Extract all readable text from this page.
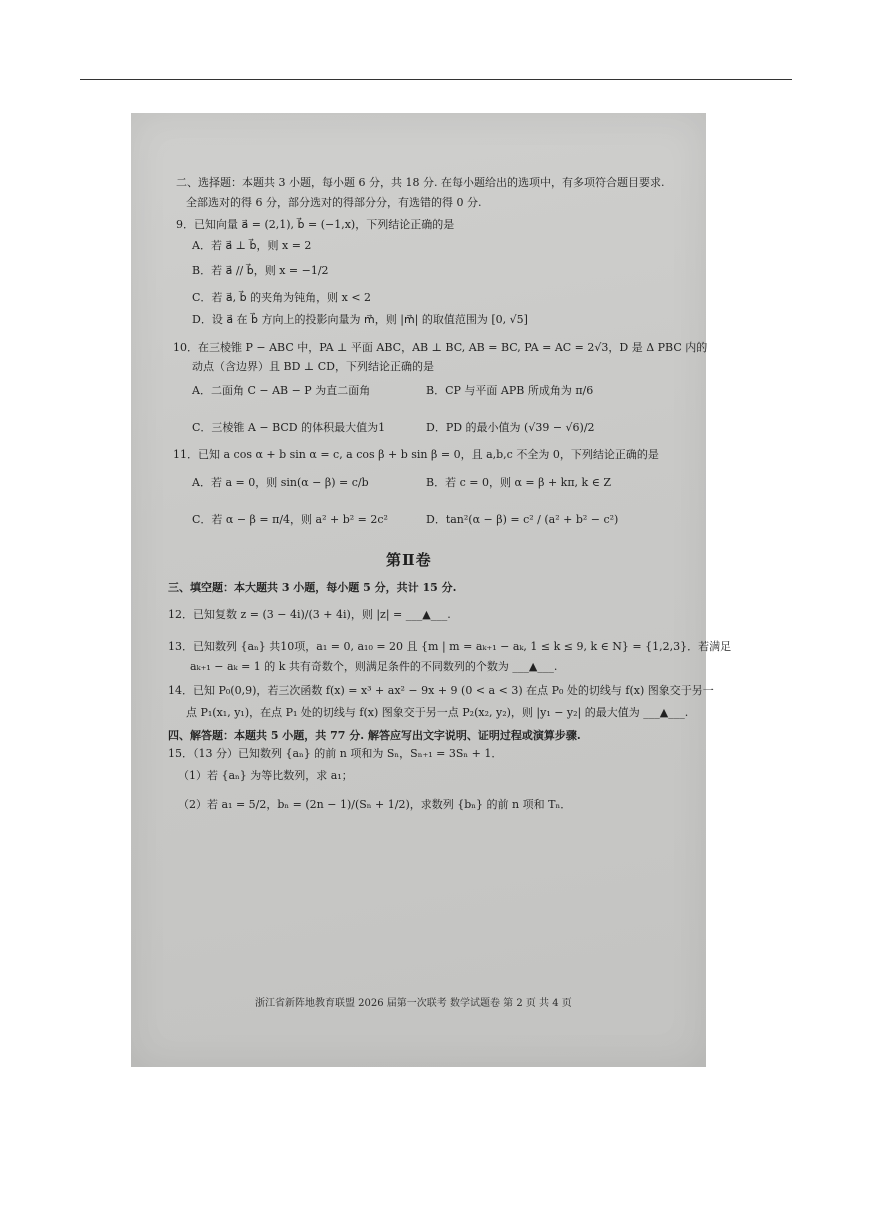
二、选择题：本题共 3 小题，每小题 6 分，共 18 分. 在每小题给出的选项中，有多项符合题目要求.
全部选对的得 6 分，部分选对的得部分分，有选错的得 0 分.
9．已知向量 a⃗ = (2,1), b⃗ = (−1,x)，下列结论正确的是
A．若 a⃗ ⊥ b⃗，则 x = 2
B．若 a⃗ // b⃗，则 x = −1/2
C．若 a⃗, b⃗ 的夹角为钝角，则 x < 2
D．设 a⃗ 在 b⃗ 方向上的投影向量为 m⃗，则 |m⃗| 的取值范围为 [0, √5]
10．在三棱锥 P − ABC 中，PA ⊥ 平面 ABC，AB ⊥ BC, AB = BC, PA = AC = 2√3，D 是 Δ PBC 内的
动点（含边界）且 BD ⊥ CD，下列结论正确的是
A．二面角 C − AB − P 为直二面角	B．CP 与平面 APB 所成角为 π/6
C．三棱锥 A − BCD 的体积最大值为1	D．PD 的最小值为 (√39 − √6)/2
11．已知 a cos α + b sin α = c, a cos β + b sin β = 0，且 a,b,c 不全为 0，下列结论正确的是
A．若 a = 0，则 sin(α − β) = c/b	B．若 c = 0，则 α = β + kπ, k ∈ Z
C．若 α − β = π/4，则 a² + b² = 2c²	D．tan²(α − β) = c² / (a² + b² − c²)
第Ⅱ卷
三、填空题：本大题共 3 小题，每小题 5 分，共计 15 分.
12．已知复数 z = (3 − 4i)/(3 + 4i)，则 |z| = ___▲___.
13．已知数列 {aₙ} 共10项，a₁ = 0, a₁₀ = 20 且 {m | m = aₖ₊₁ − aₖ, 1 ≤ k ≤ 9, k ∈ N} = {1,2,3}．若满足
aₖ₊₁ − aₖ = 1 的 k 共有奇数个，则满足条件的不同数列的个数为 ___▲___.
14．已知 P₀(0,9)，若三次函数 f(x) = x³ + ax² − 9x + 9 (0 < a < 3) 在点 P₀ 处的切线与 f(x) 图象交于另一
点 P₁(x₁, y₁)，在点 P₁ 处的切线与 f(x) 图象交于另一点 P₂(x₂, y₂)，则 |y₁ − y₂| 的最大值为 ___▲___.
四、解答题：本题共 5 小题，共 77 分. 解答应写出文字说明、证明过程或演算步骤.
15．（13 分）已知数列 {aₙ} 的前 n 项和为 Sₙ，Sₙ₊₁ = 3Sₙ + 1．
（1）若 {aₙ} 为等比数列，求 a₁；
（2）若 a₁ = 5/2，bₙ = (2n − 1)/(Sₙ + 1/2)，求数列 {bₙ} 的前 n 项和 Tₙ．
浙江省新阵地教育联盟 2026 届第一次联考 数学试题卷 第 2 页 共 4 页
